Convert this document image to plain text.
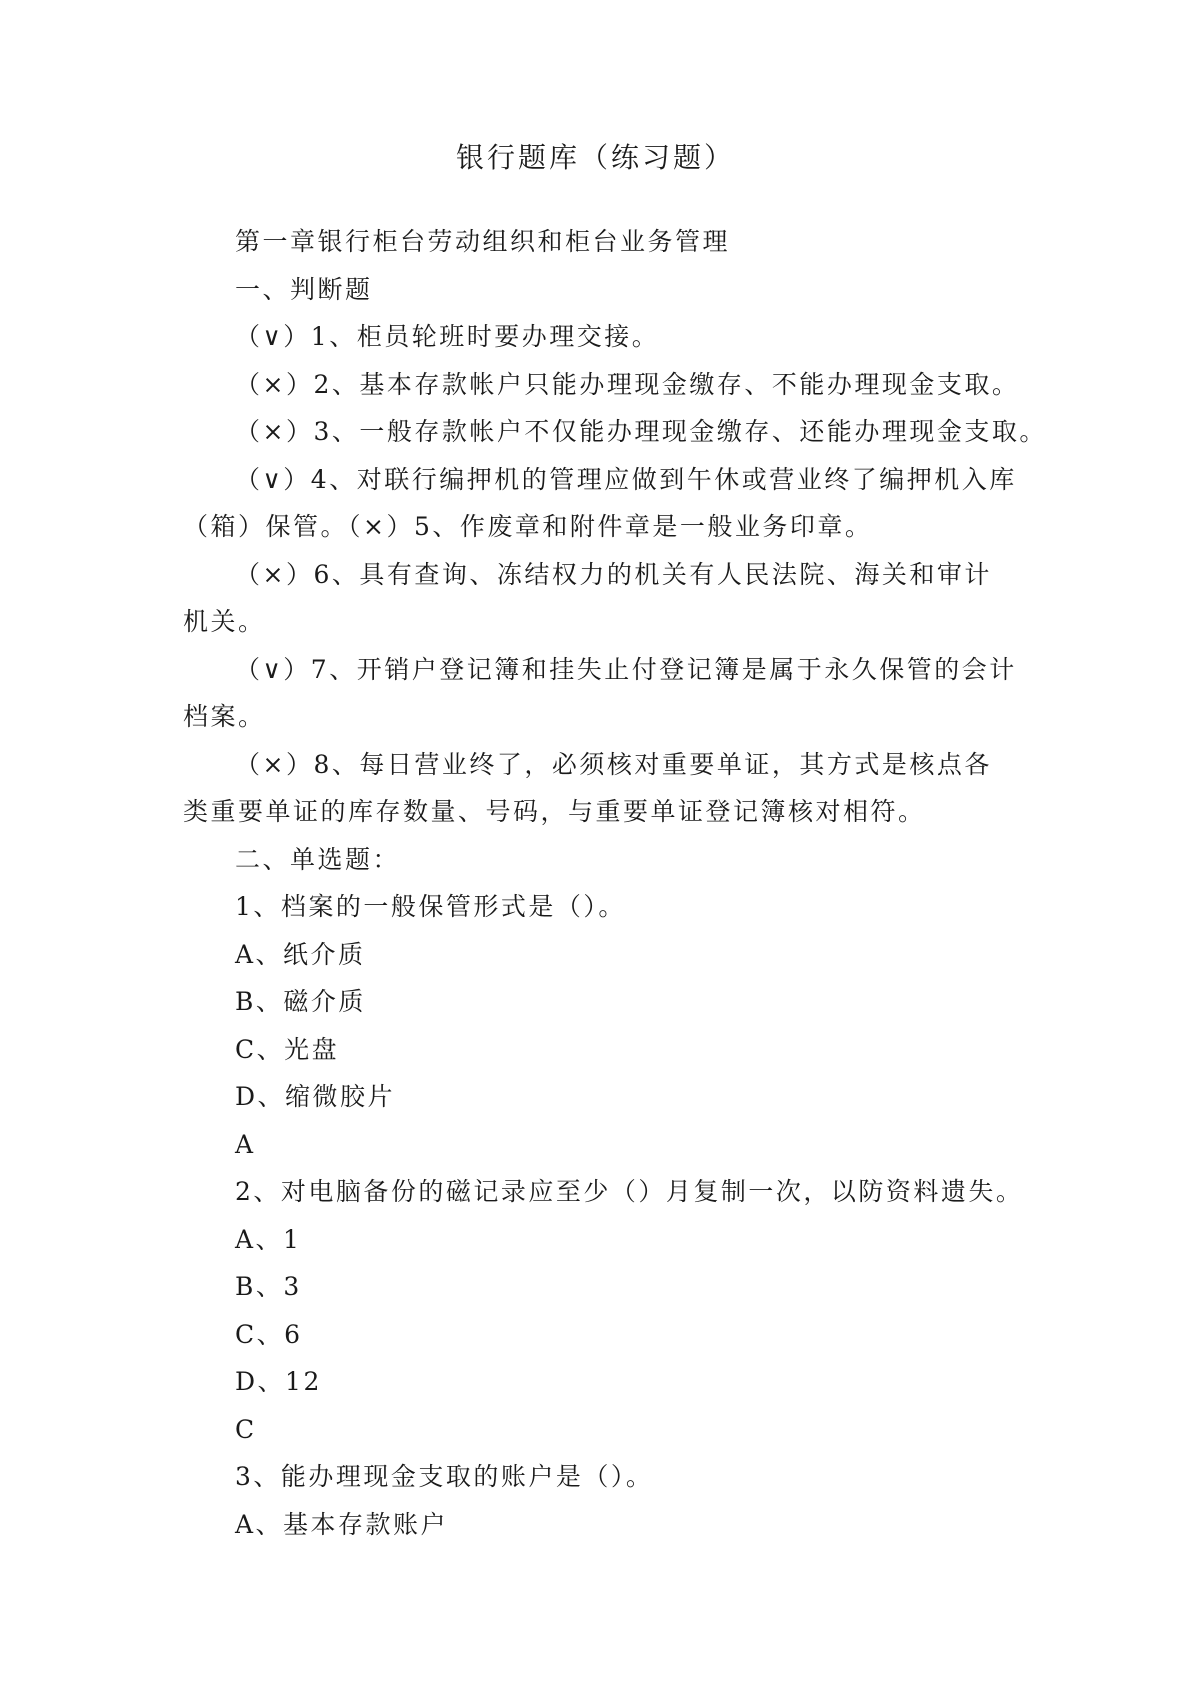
银行题库（练习题）
第一章银行柜台劳动组织和柜台业务管理
一、判断题
（∨）1、柜员轮班时要办理交接。
（×）2、基本存款帐户只能办理现金缴存、不能办理现金支取。
（×）3、一般存款帐户不仅能办理现金缴存、还能办理现金支取。
（∨）4、对联行编押机的管理应做到午休或营业终了编押机入库（箱）保管。（×）5、作废章和附件章是一般业务印章。
（×）6、具有查询、冻结权力的机关有人民法院、海关和审计机关。
（∨）7、开销户登记簿和挂失止付登记簿是属于永久保管的会计档案。
（×）8、每日营业终了，必须核对重要单证，其方式是核点各类重要单证的库存数量、号码，与重要单证登记簿核对相符。
二、单选题：
1、档案的一般保管形式是（）。
A、纸介质
B、磁介质
C、光盘
D、缩微胶片
A
2、对电脑备份的磁记录应至少（）月复制一次，以防资料遗失。
A、1
B、3
C、6
D、12
C
3、能办理现金支取的账户是（）。
A、基本存款账户
